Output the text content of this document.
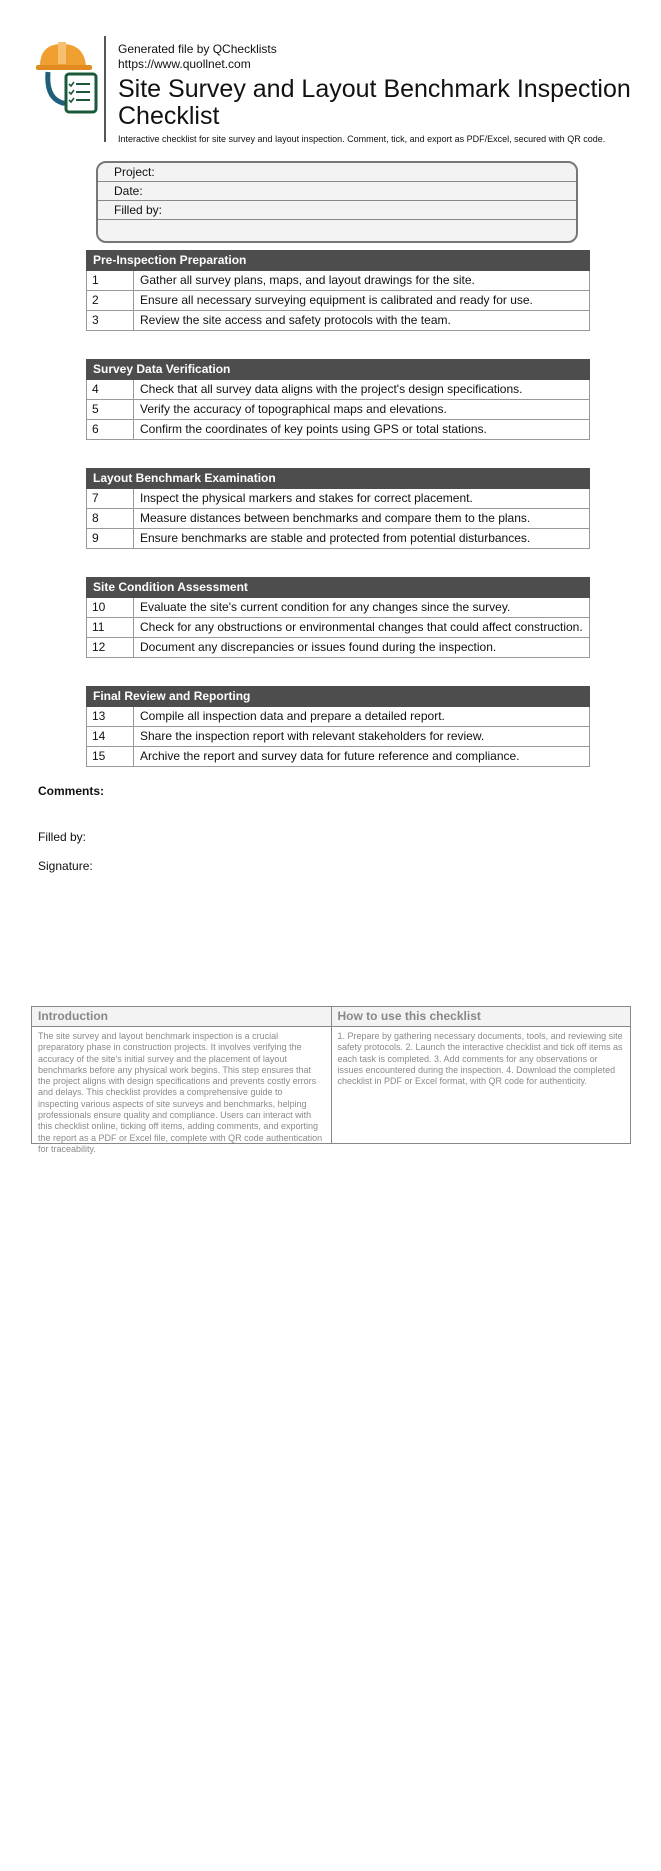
Generated file by QChecklists
https://www.quollnet.com
Site Survey and Layout Benchmark Inspection Checklist
Interactive checklist for site survey and layout inspection. Comment, tick, and export as PDF/Excel, secured with QR code.
Project:
Date:
Filled by:
Pre-Inspection Preparation
1	Gather all survey plans, maps, and layout drawings for the site.
2	Ensure all necessary surveying equipment is calibrated and ready for use.
3	Review the site access and safety protocols with the team.
Survey Data Verification
4	Check that all survey data aligns with the project's design specifications.
5	Verify the accuracy of topographical maps and elevations.
6	Confirm the coordinates of key points using GPS or total stations.
Layout Benchmark Examination
7	Inspect the physical markers and stakes for correct placement.
8	Measure distances between benchmarks and compare them to the plans.
9	Ensure benchmarks are stable and protected from potential disturbances.
Site Condition Assessment
10	Evaluate the site's current condition for any changes since the survey.
11	Check for any obstructions or environmental changes that could affect construction.
12	Document any discrepancies or issues found during the inspection.
Final Review and Reporting
13	Compile all inspection data and prepare a detailed report.
14	Share the inspection report with relevant stakeholders for review.
15	Archive the report and survey data for future reference and compliance.
Comments:
Filled by:
Signature:
Introduction
The site survey and layout benchmark inspection is a crucial preparatory phase in construction projects. It involves verifying the accuracy of the site's initial survey and the placement of layout benchmarks before any physical work begins. This step ensures that the project aligns with design specifications and prevents costly errors and delays. This checklist provides a comprehensive guide to inspecting various aspects of site surveys and benchmarks, helping professionals ensure quality and compliance. Users can interact with this checklist online, ticking off items, adding comments, and exporting the report as a PDF or Excel file, complete with QR code authentication for traceability.
How to use this checklist
1. Prepare by gathering necessary documents, tools, and reviewing site safety protocols. 2. Launch the interactive checklist and tick off items as each task is completed. 3. Add comments for any observations or issues encountered during the inspection. 4. Download the completed checklist in PDF or Excel format, with QR code for authenticity.
